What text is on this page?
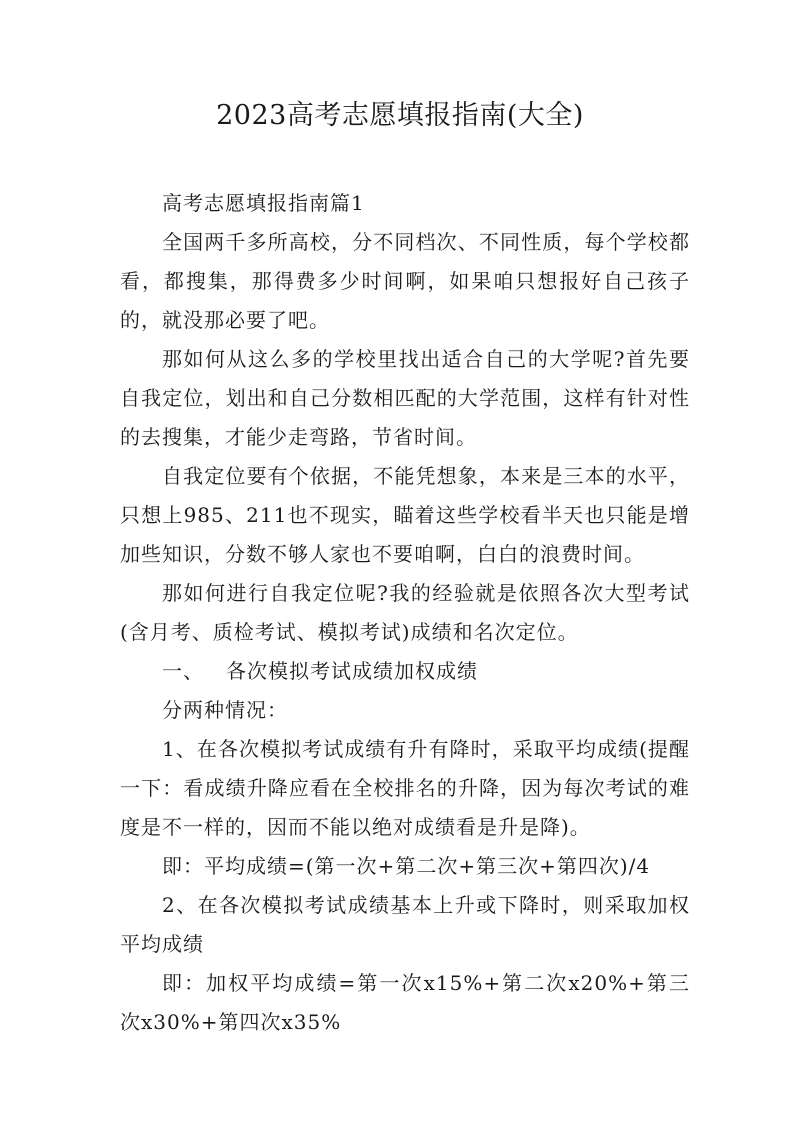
2023高考志愿填报指南(大全)

高考志愿填报指南篇1

全国两千多所高校，分不同档次、不同性质，每个学校都看，都搜集，那得费多少时间啊，如果咱只想报好自己孩子的，就没那必要了吧。

那如何从这么多的学校里找出适合自己的大学呢?首先要自我定位，划出和自己分数相匹配的大学范围，这样有针对性的去搜集，才能少走弯路，节省时间。

自我定位要有个依据，不能凭想象，本来是三本的水平，只想上985、211也不现实，瞄着这些学校看半天也只能是增加些知识，分数不够人家也不要咱啊，白白的浪费时间。

那如何进行自我定位呢?我的经验就是依照各次大型考试(含月考、质检考试、模拟考试)成绩和名次定位。

一、 各次模拟考试成绩加权成绩

分两种情况：

1、在各次模拟考试成绩有升有降时，采取平均成绩(提醒一下：看成绩升降应看在全校排名的升降，因为每次考试的难度是不一样的，因而不能以绝对成绩看是升是降)。

即：平均成绩=(第一次+第二次+第三次+第四次)/4

2、在各次模拟考试成绩基本上升或下降时，则采取加权平均成绩

即：加权平均成绩=第一次x15%+第二次x20%+第三次x30%+第四次x35%
